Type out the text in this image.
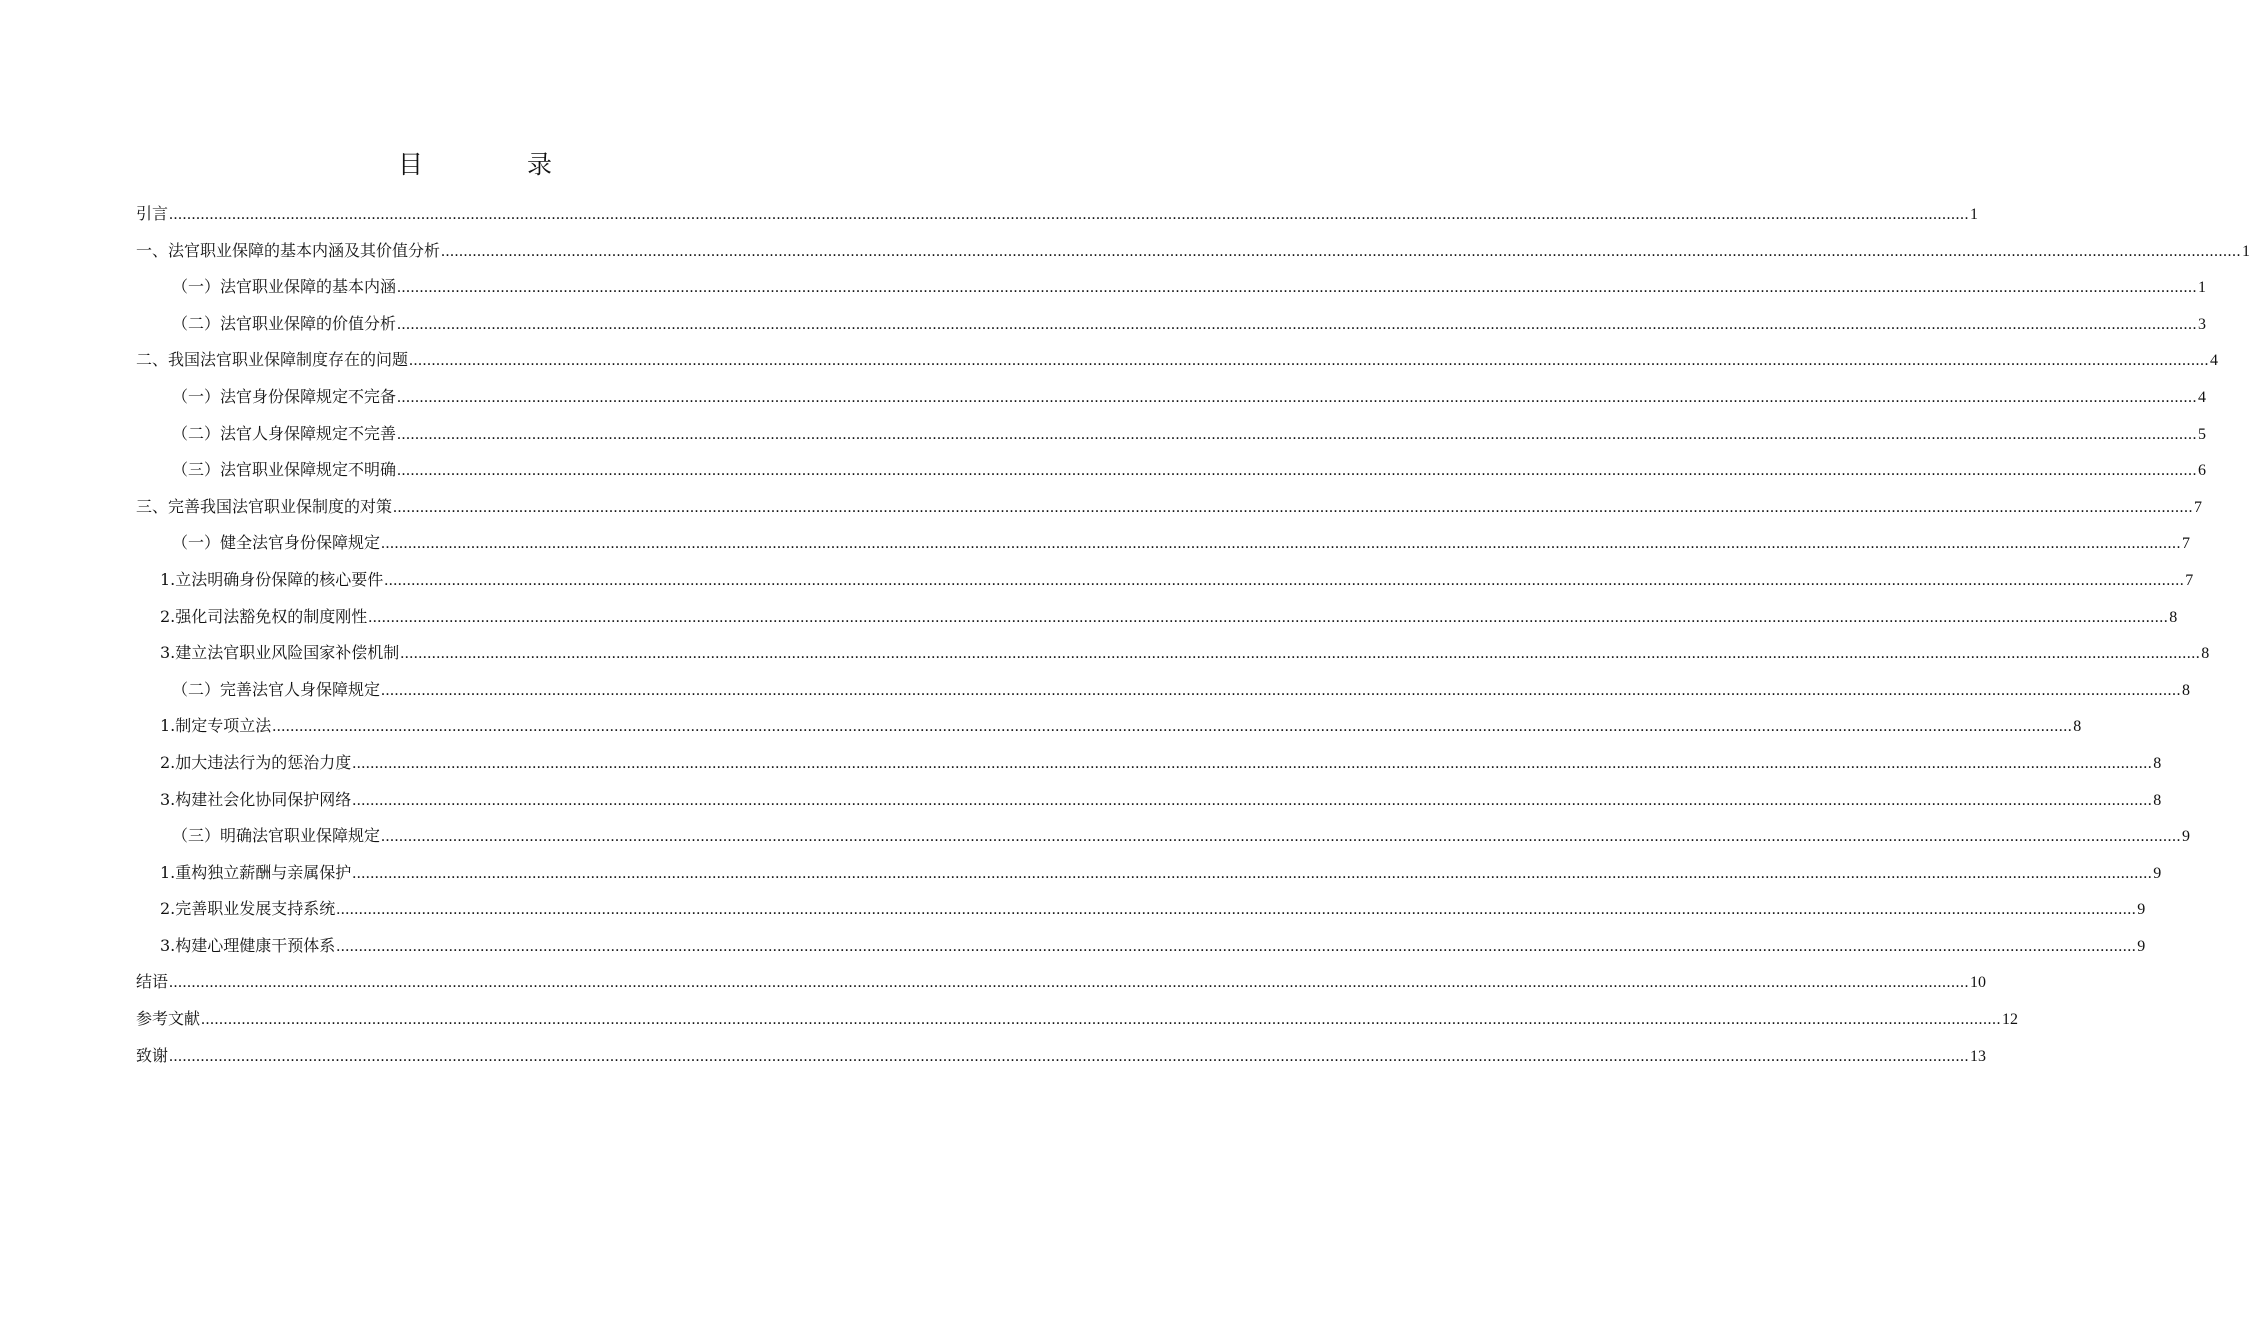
目 录
引言 ................................................................................................................................................................................................................................................................................................................................................................................................................ 1
一、法官职业保障的基本内涵及其价值分析 ................................................................................................................................................................................................................................................................................................................................................................................................................ 1
（一）法官职业保障的基本内涵 ................................................................................................................................................................................................................................................................................................................................................................................................................ 1
（二）法官职业保障的价值分析 ................................................................................................................................................................................................................................................................................................................................................................................................................ 3
二、我国法官职业保障制度存在的问题 ................................................................................................................................................................................................................................................................................................................................................................................................................ 4
（一）法官身份保障规定不完备 ................................................................................................................................................................................................................................................................................................................................................................................................................ 4
（二）法官人身保障规定不完善 ................................................................................................................................................................................................................................................................................................................................................................................................................ 5
（三）法官职业保障规定不明确 ................................................................................................................................................................................................................................................................................................................................................................................................................ 6
三、完善我国法官职业保制度的对策 ................................................................................................................................................................................................................................................................................................................................................................................................................ 7
（一）健全法官身份保障规定 ................................................................................................................................................................................................................................................................................................................................................................................................................ 7
1.立法明确身份保障的核心要件 ................................................................................................................................................................................................................................................................................................................................................................................................................ 7
2.强化司法豁免权的制度刚性 ................................................................................................................................................................................................................................................................................................................................................................................................................ 8
3.建立法官职业风险国家补偿机制 ................................................................................................................................................................................................................................................................................................................................................................................................................ 8
（二）完善法官人身保障规定 ................................................................................................................................................................................................................................................................................................................................................................................................................ 8
1.制定专项立法 ................................................................................................................................................................................................................................................................................................................................................................................................................ 8
2.加大违法行为的惩治力度 ................................................................................................................................................................................................................................................................................................................................................................................................................ 8
3.构建社会化协同保护网络 ................................................................................................................................................................................................................................................................................................................................................................................................................ 8
（三）明确法官职业保障规定 ................................................................................................................................................................................................................................................................................................................................................................................................................ 9
1.重构独立薪酬与亲属保护 ................................................................................................................................................................................................................................................................................................................................................................................................................ 9
2.完善职业发展支持系统 ................................................................................................................................................................................................................................................................................................................................................................................................................ 9
3.构建心理健康干预体系 ................................................................................................................................................................................................................................................................................................................................................................................................................ 9
结语 ................................................................................................................................................................................................................................................................................................................................................................................................................ 10
参考文献 ................................................................................................................................................................................................................................................................................................................................................................................................................ 12
致谢 ................................................................................................................................................................................................................................................................................................................................................................................................................ 13
